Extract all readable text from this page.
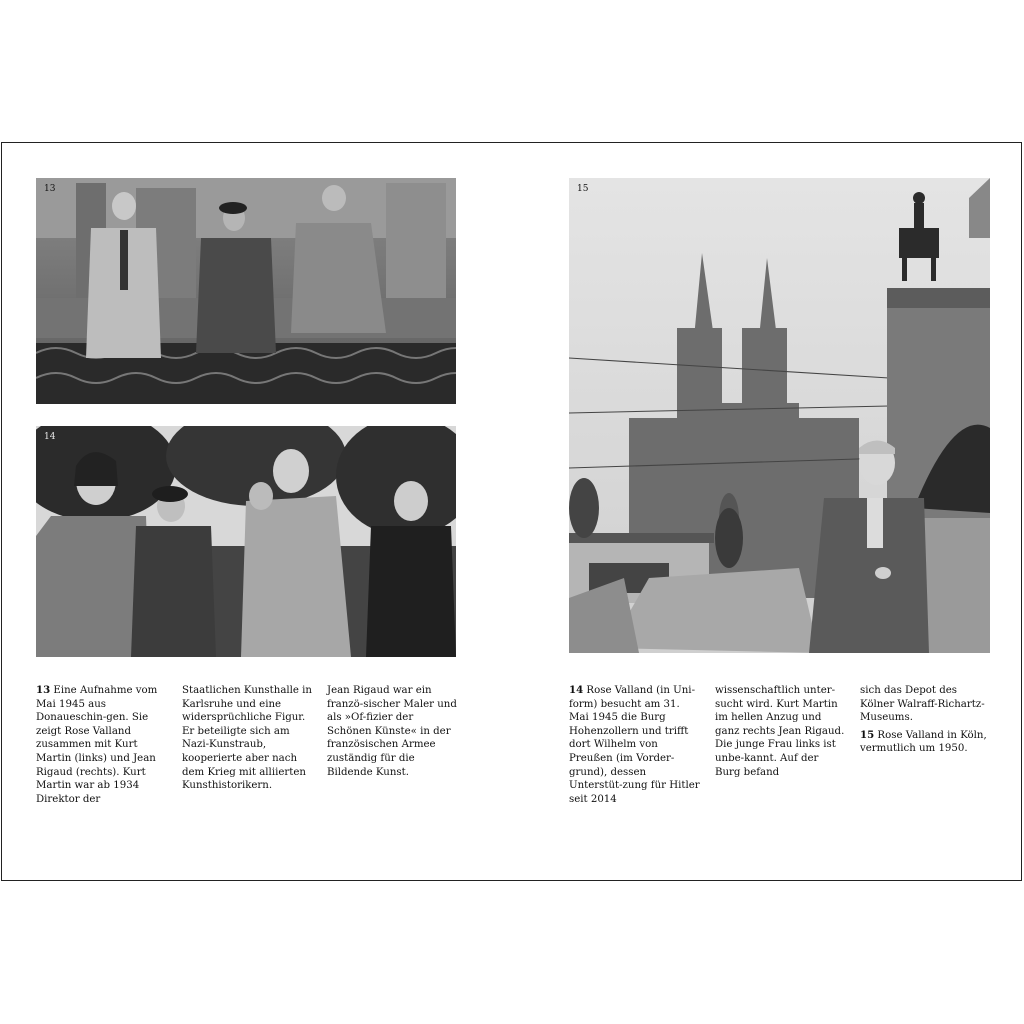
13
14
15

13 Eine Aufnahme vom Mai 1945 aus Donaueschin-gen. Sie zeigt Rose Valland zusammen mit Kurt Martin (links) und Jean Rigaud (rechts). Kurt Martin war ab 1934 Direktor der

Staatlichen Kunsthalle in Karlsruhe und eine widersprüchliche Figur. Er beteiligte sich am Nazi-Kunstraub, kooperierte aber nach dem Krieg mit alliierten Kunsthistorikern.

Jean Rigaud war ein franzö-sischer Maler und als »Of-fizier der Schönen Künste« in der französischen Armee zuständig für die Bildende Kunst.

14 Rose Valland (in Uni-form) besucht am 31. Mai 1945 die Burg Hohenzollern und trifft dort Wilhelm von Preußen (im Vorder-grund), dessen Unterstüt-zung für Hitler seit 2014

wissenschaftlich unter-sucht wird. Kurt Martin im hellen Anzug und ganz rechts Jean Rigaud. Die junge Frau links ist unbe-kannt. Auf der Burg befand

sich das Depot des Kölner Walraff-Richartz-Museums.

15 Rose Valland in Köln, vermutlich um 1950.
